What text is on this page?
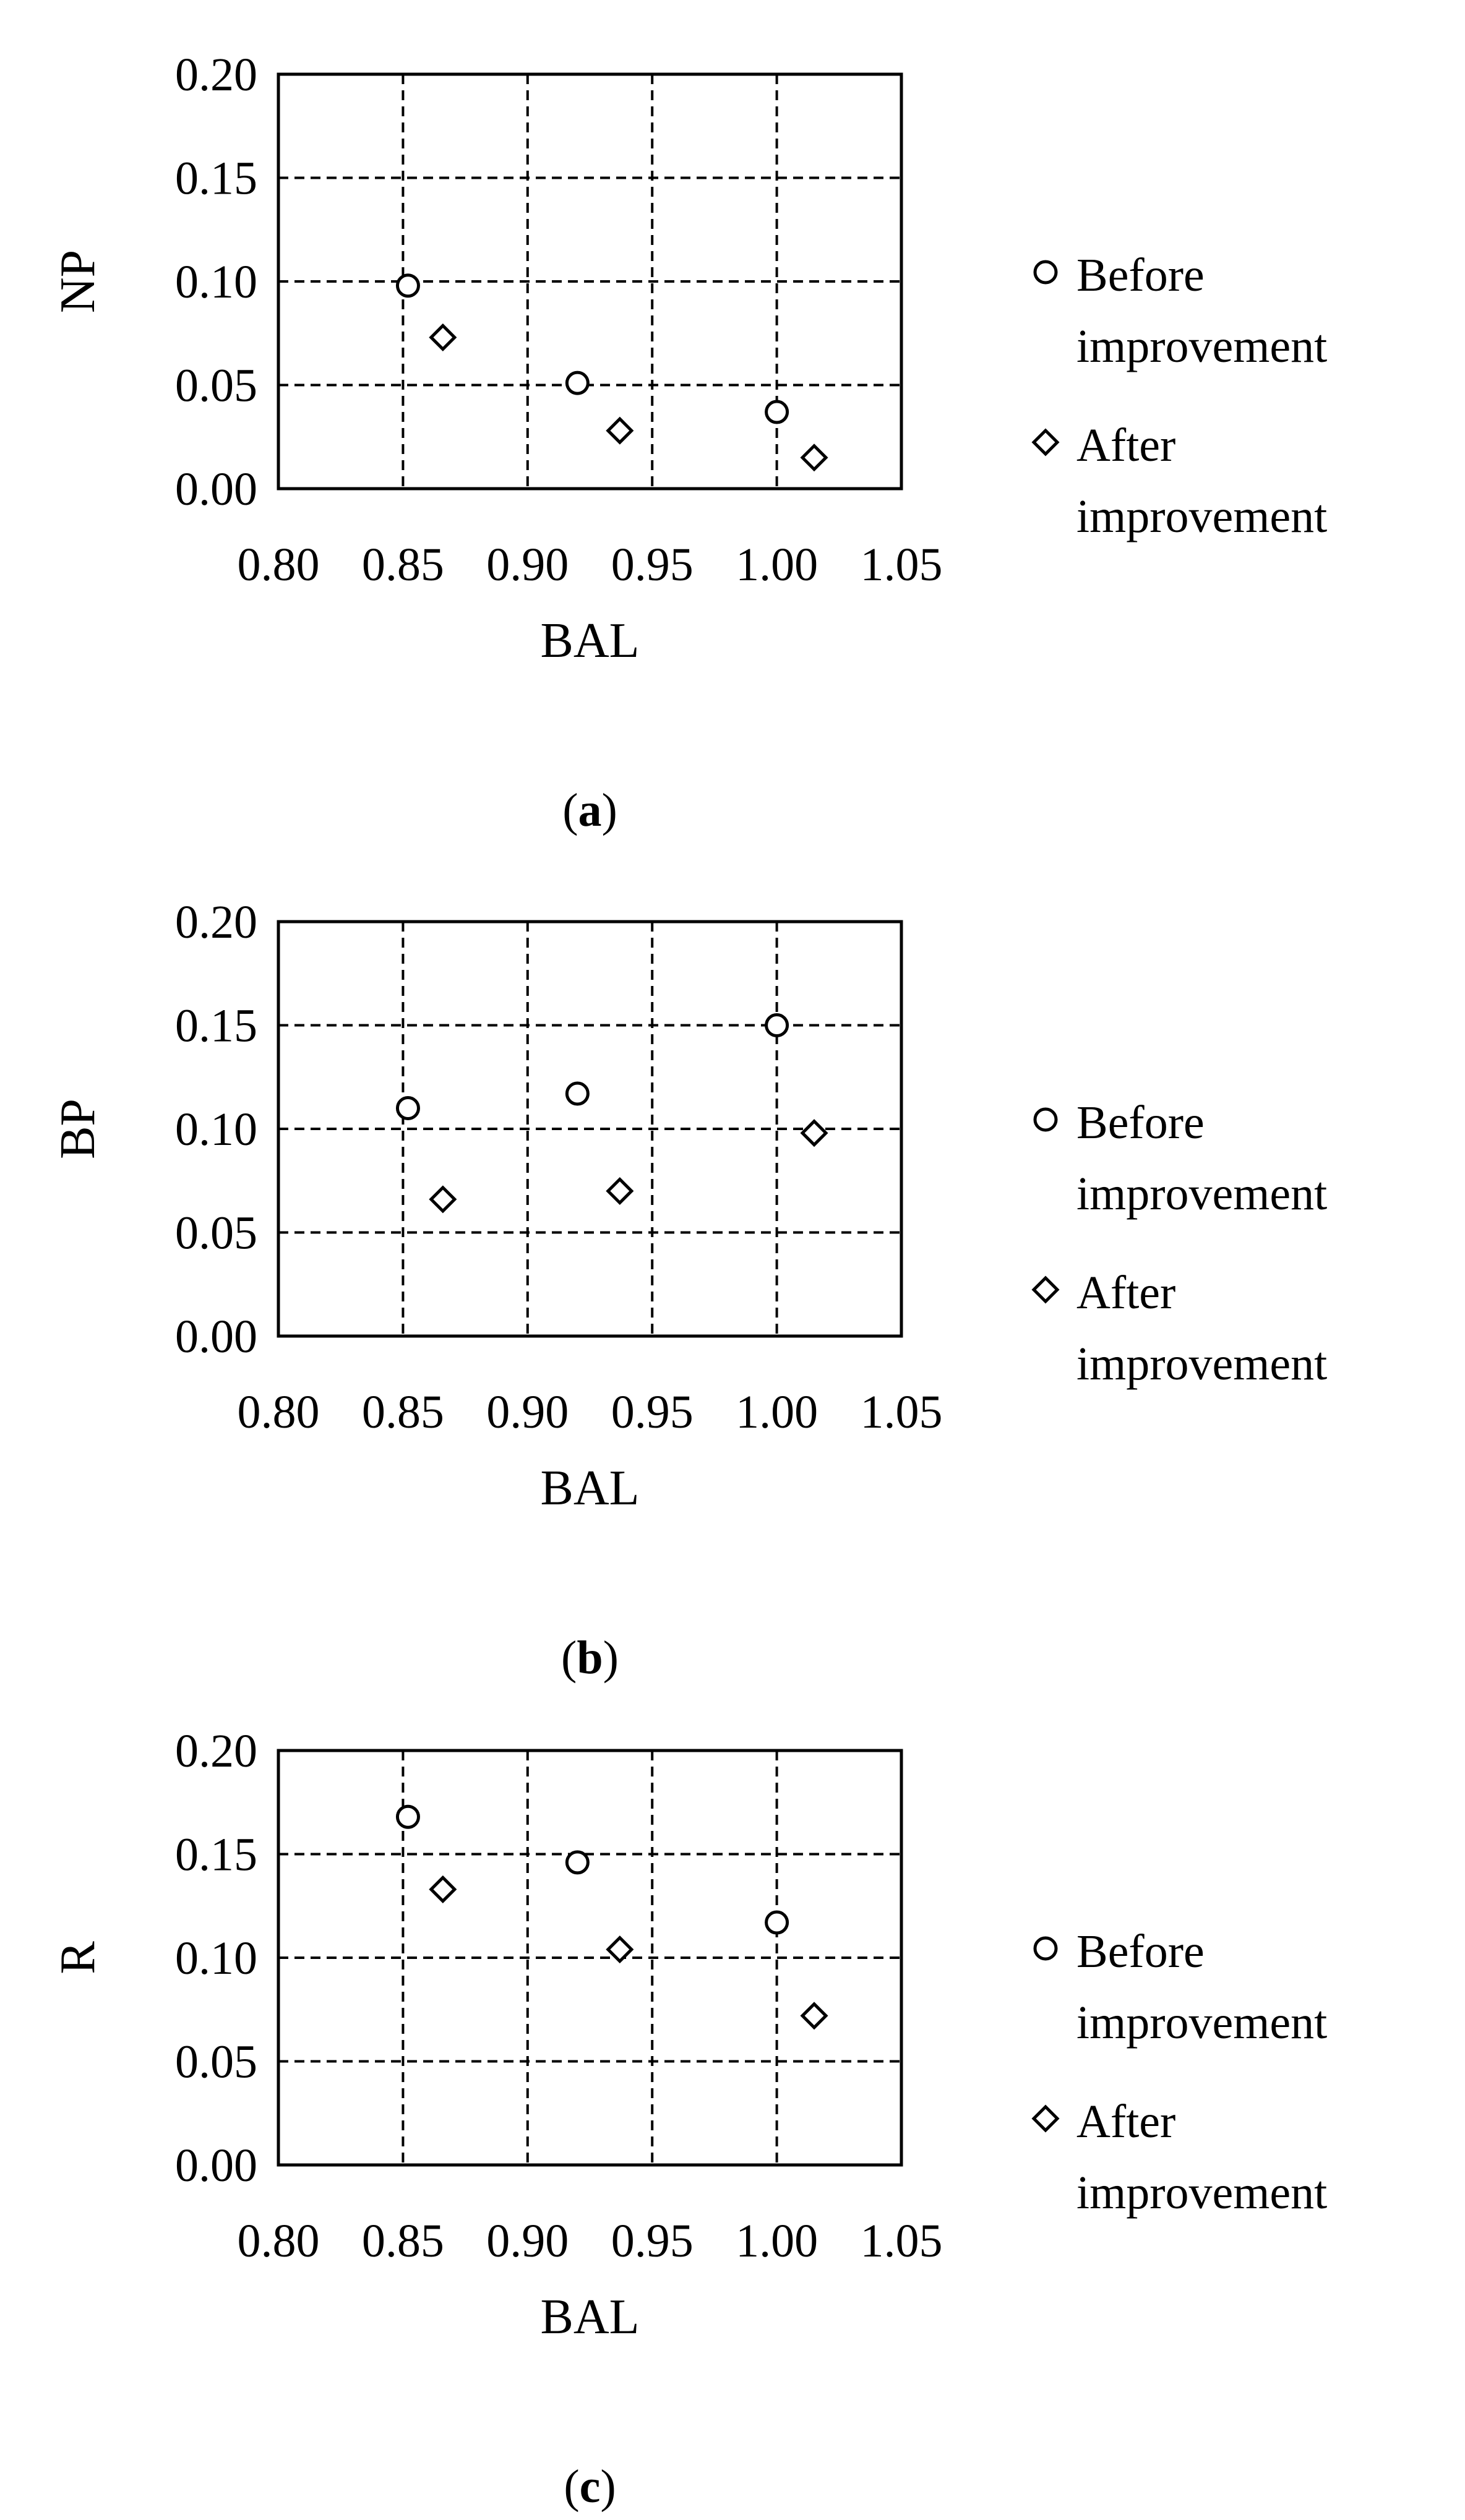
0.00
0.05
0.10
0.15
0.20
0.80 0.85 0.90 0.95 1.00 1.05
BAL
NP	Before
improvement
After
improvement
(a)
0.00
0.05
0.10
0.15
0.20
0.80 0.85 0.90 0.95 1.00 1.05
BAL
BP	Before
improvement
After
improvement
(b)
0.00
0.05
0.10
0.15
0.20
0.80 0.85 0.90 0.95 1.00 1.05
BAL
R	Before
improvement
After
improvement
(c)
